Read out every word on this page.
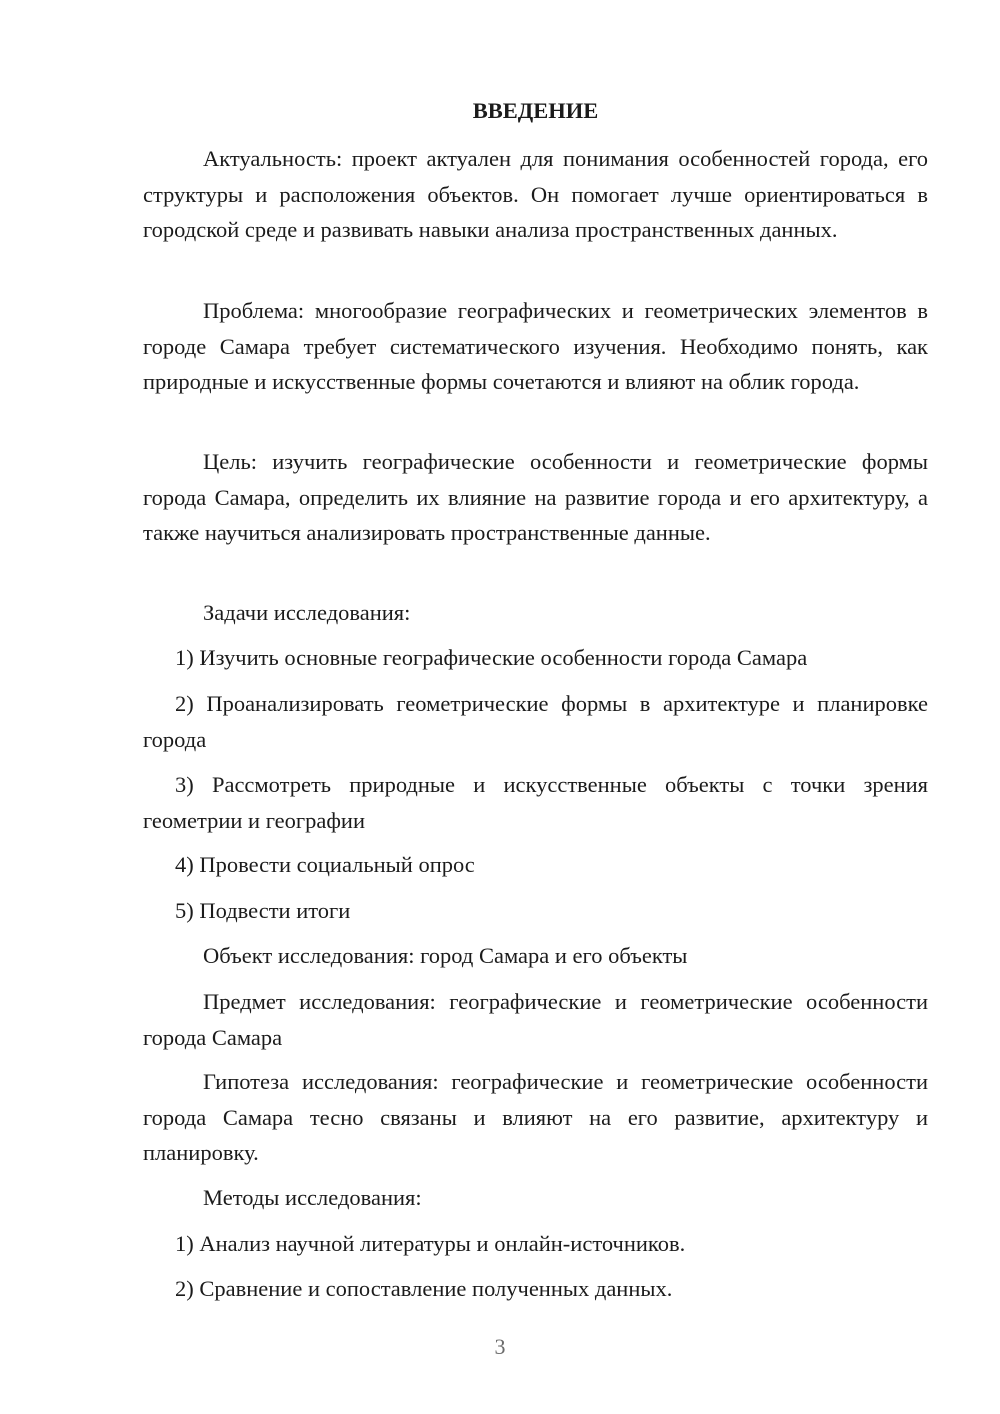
ВВЕДЕНИЕ

Актуальность: проект актуален для понимания особенностей города, его структуры и расположения объектов. Он помогает лучше ориентироваться в городской среде и развивать навыки анализа пространственных данных.

Проблема: многообразие географических и геометрических элементов в городе Самара требует систематического изучения. Необходимо понять, как природные и искусственные формы сочетаются и влияют на облик города.

Цель: изучить географические особенности и геометрические формы города Самара, определить их влияние на развитие города и его архитектуру, а также научиться анализировать пространственные данные.

Задачи исследования:

1) Изучить основные географические особенности города Самара

2) Проанализировать геометрические формы в архитектуре и планировке города

3) Рассмотреть природные и искусственные объекты с точки зрения геометрии и географии

4) Провести социальный опрос

5) Подвести итоги

Объект исследования: город Самара и его объекты

Предмет исследования: географические и геометрические особенности города Самара

Гипотеза исследования: географические и геометрические особенности города Самара тесно связаны и влияют на его развитие, архитектуру и планировку.

Методы исследования:

1) Анализ научной литературы и онлайн-источников.

2) Сравнение и сопоставление полученных данных.

3
